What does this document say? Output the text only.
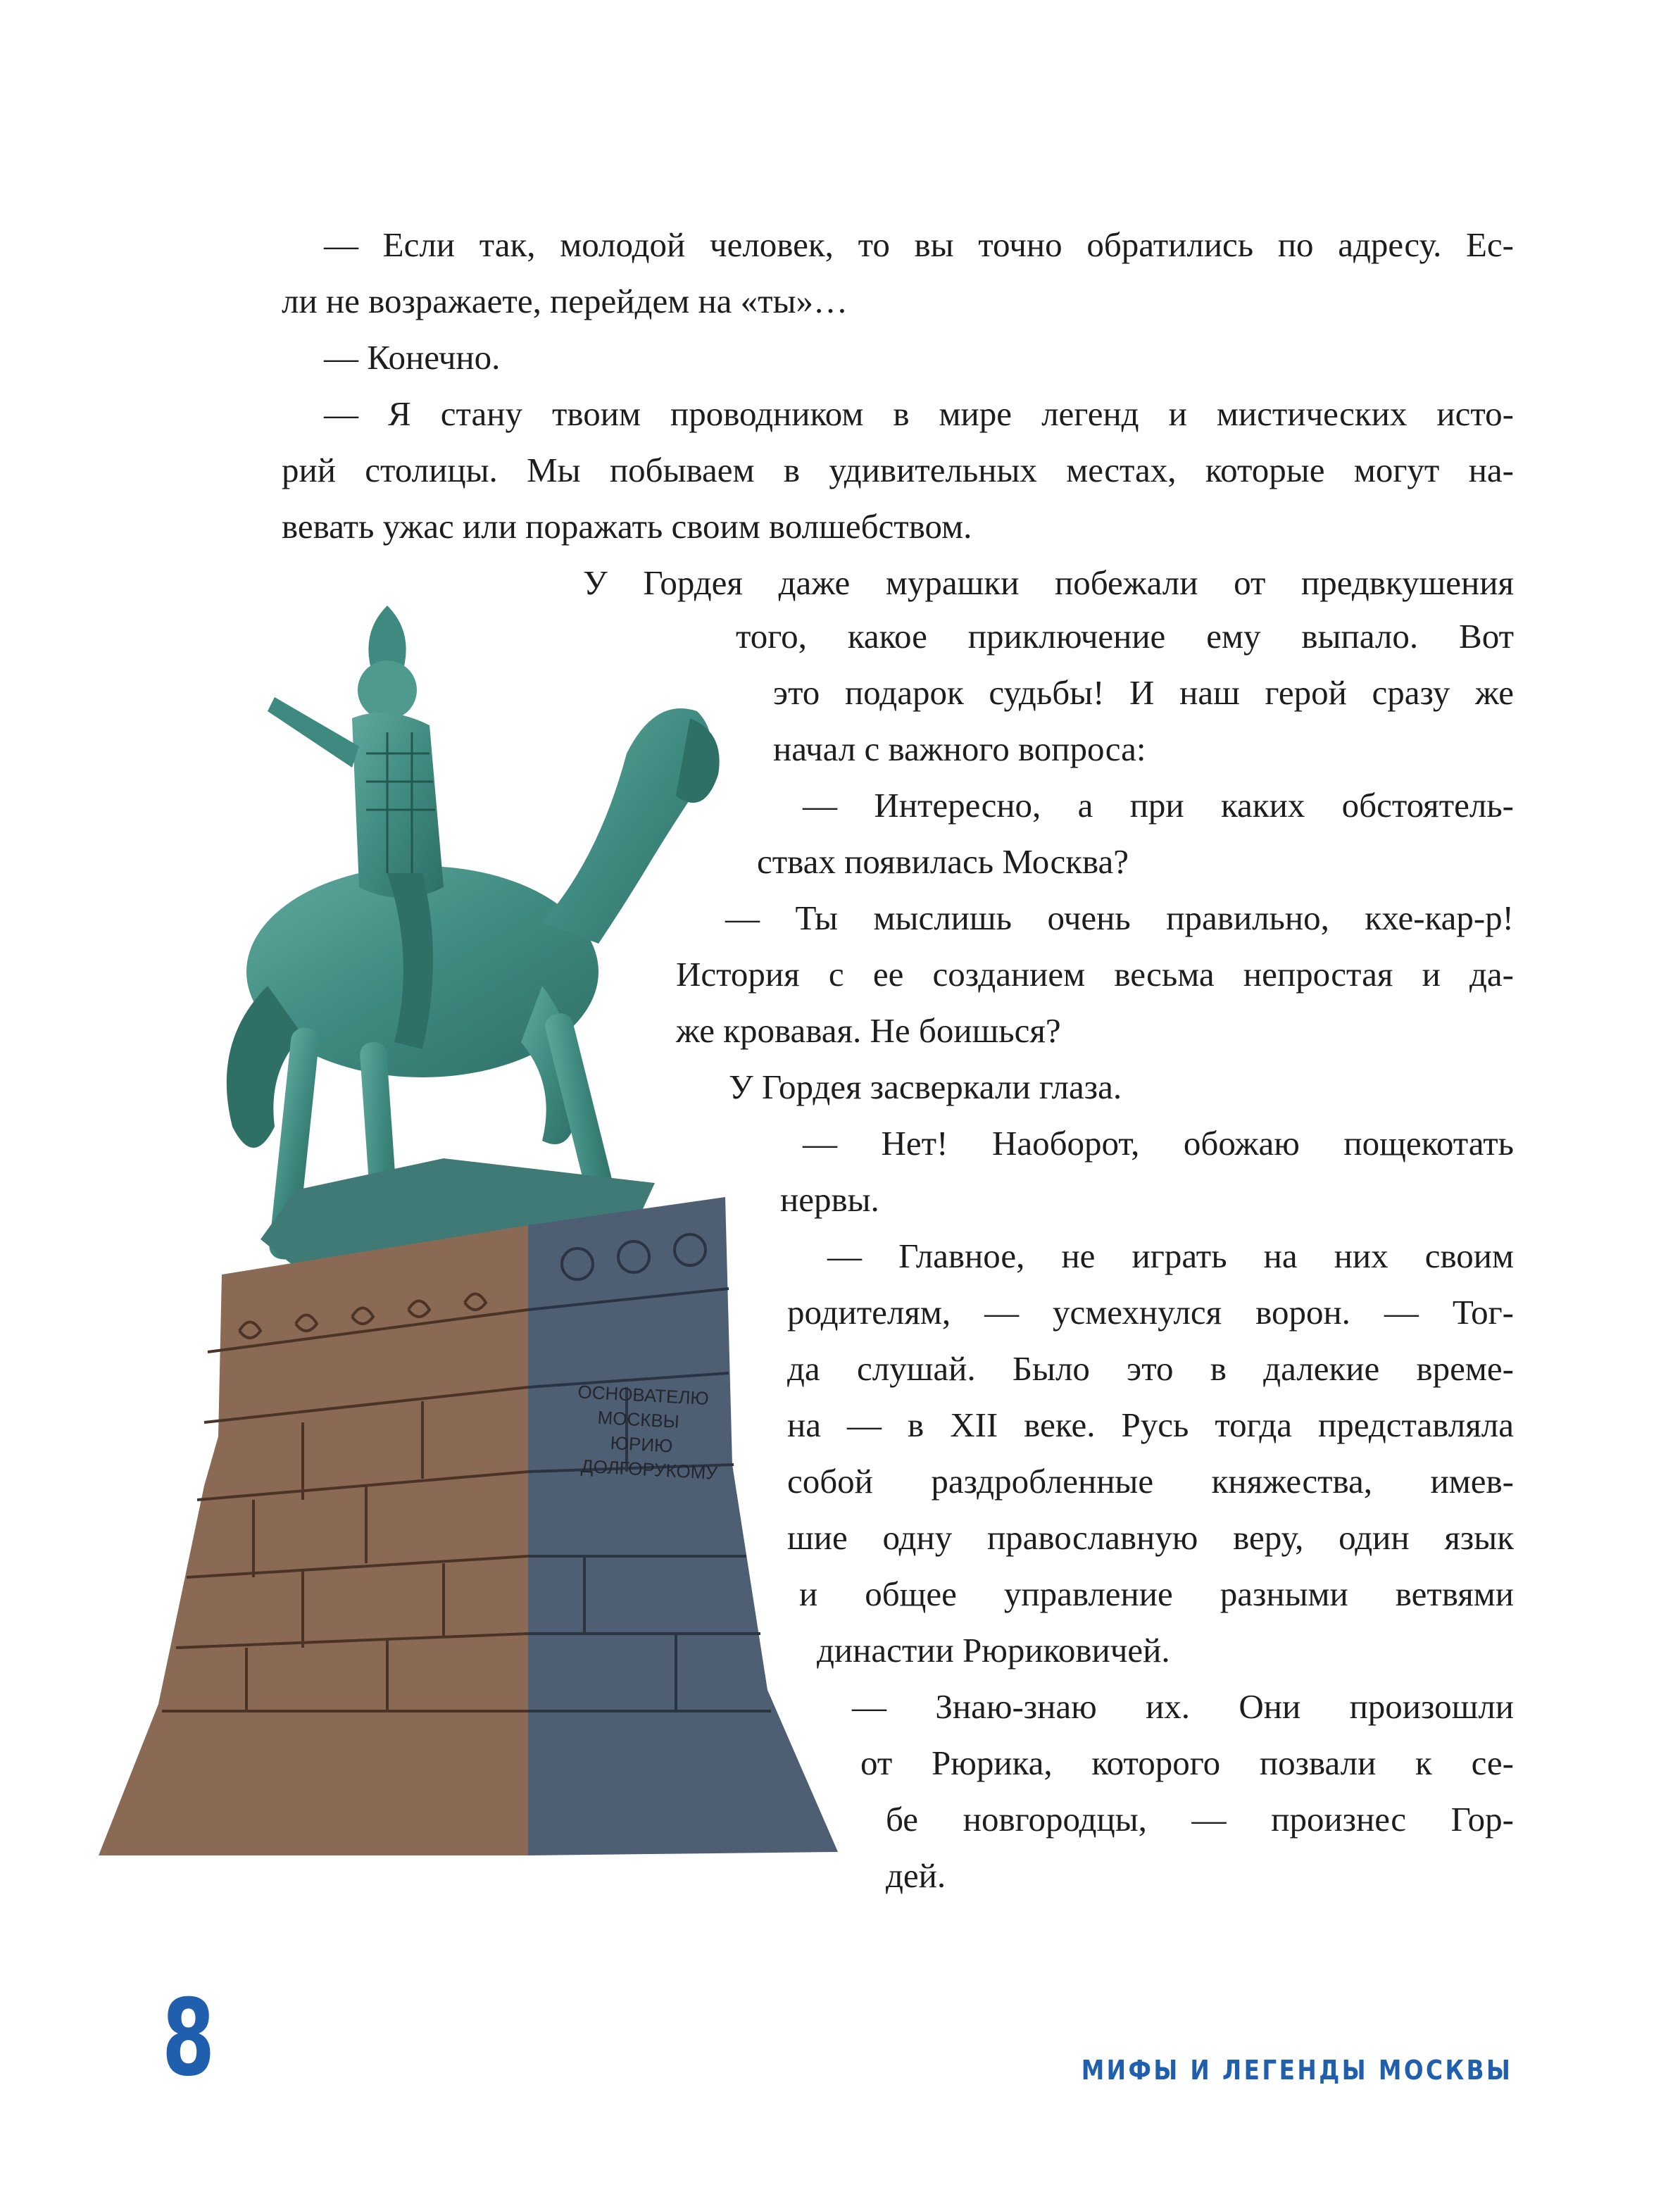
— Если так, молодой человек, то вы точно обратились по адресу. Ес-

ли не возражаете, перейдем на «ты»…

— Конечно.

— Я стану твоим проводником в мире легенд и мистических исто-

рий столицы. Мы побываем в удивительных местах, которые могут на-

вевать ужас или поражать своим волшебством.

У Гордея даже мурашки побежали от предвкушения

того, какое приключение ему выпало. Вот

это подарок судьбы! И наш герой сразу же

начал с важного вопроса:

— Интересно, а при каких обстоятель-

ствах появилась Москва?

— Ты мыслишь очень правильно, кхе-кар-р!

История с ее созданием весьма непростая и да-

же кровавая. Не боишься?

У Гордея засверкали глаза.

— Нет! Наоборот, обожаю пощекотать

нервы.

— Главное, не играть на них своим

родителям, — усмехнулся ворон. — Тог-

да слушай. Было это в далекие време-

на — в XII веке. Русь тогда представляла

собой раздробленные княжества, имев-

шие одну православную веру, один язык

и общее управление разными ветвями

династии Рюриковичей.

— Знаю-знаю их. Они произошли

от Рюрика, которого позвали к се-

бе новгородцы, — произнес Гор-

дей.

ОСНОВАТЕЛЮ
МОСКВЫ
ЮРИЮ
ДОЛГОРУКОМУ
8	МИФЫ И ЛЕГЕНДЫ МОСКВЫ
